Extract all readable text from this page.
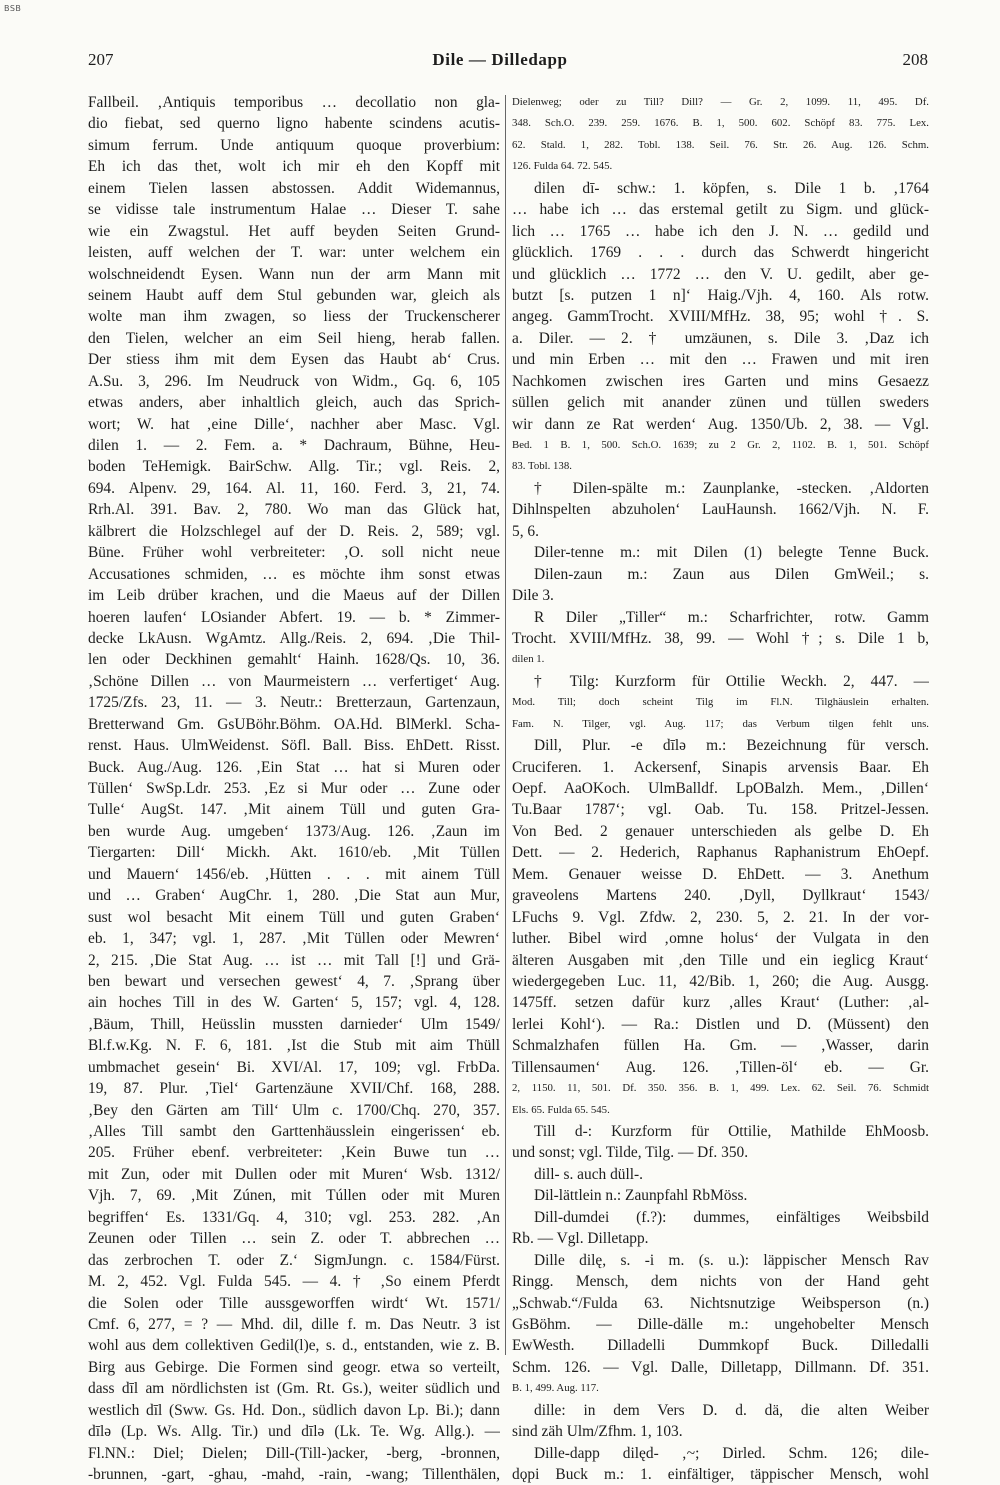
BSB
207	Dile — Dilledapp	208
Fallbeil. ‚Antiquis temporibus … decollatio non gla-
dio fiebat, sed querno ligno habente scindens acutis-
simum ferrum. Unde antiquum quoque proverbium:
Eh ich das thet, wolt ich mir eh den Kopff mit
einem Tielen lassen abstossen. Addit Widemannus,
se vidisse tale instrumentum Halae … Dieser T. sahe
wie ein Zwagstul. Het auff beyden Seiten Grund-
leisten, auff welchen der T. war: unter welchem ein
wolschneidendt Eysen. Wann nun der arm Mann mit
seinem Haubt auff dem Stul gebunden war, gleich als
wolte man ihm zwagen, so liess der Truckenscherer
den Tielen, welcher an eim Seil hieng, herab fallen.
Der stiess ihm mit dem Eysen das Haubt ab‘ Crus.
A.Su. 3, 296. Im Neudruck von Widm., Gq. 6, 105
etwas anders, aber inhaltlich gleich, auch das Sprich-
wort; W. hat ‚eine Dille‘, nachher aber Masc. Vgl.
dilen 1. — 2. Fem. a. * Dachraum, Bühne, Heu-
boden TeHemigk. BairSchw. Allg. Tir.; vgl. Reis. 2,
694. Alpenv. 29, 164. Al. 11, 160. Ferd. 3, 21, 74.
Rrh.Al. 391. Bav. 2, 780. Wo man das Glück hat,
kälbrert die Holzschlegel auf der D. Reis. 2, 589; vgl.
Büne. Früher wohl verbreiteter: ‚O. soll nicht neue
Accusationes schmiden, … es möchte ihm sonst etwas
im Leib drüber krachen, und die Maeus auf der Dillen
hoeren laufen‘ LOsiander Abfert. 19. — b. * Zimmer-
decke LkAusn. WgAmtz. Allg./Reis. 2, 694. ‚Die Thil-
len oder Deckhinen gemahlt‘ Hainh. 1628/Qs. 10, 36.
‚Schöne Dillen … von Maurmeistern … verfertiget‘ Aug.
1725/Zfs. 23, 11. — 3. Neutr.: Bretterzaun, Gartenzaun,
Bretterwand Gm. GsUBöhr.Böhm. OA.Hd. BlMerkl. Scha-
renst. Haus. UlmWeidenst. Söfl. Ball. Biss. EhDett. Risst.
Buck. Aug./Aug. 126. ‚Ein Stat … hat si Muren oder
Tüllen‘ SwSp.Ldr. 253. ‚Ez si Mur oder … Zune oder
Tulle‘ AugSt. 147. ‚Mit ainem Tüll und guten Gra-
ben wurde Aug. umgeben‘ 1373/Aug. 126. ‚Zaun im
Tiergarten: Dill‘ Mickh. Akt. 1610/eb. ‚Mit Tüllen
und Mauern‘ 1456/eb. ‚Hütten . . . mit ainem Tüll
und … Graben‘ AugChr. 1, 280. ‚Die Stat aun Mur,
sust wol besacht Mit einem Tüll und guten Graben‘
eb. 1, 347; vgl. 1, 287. ‚Mit Tüllen oder Mewren‘
2, 215. ‚Die Stat Aug. … ist … mit Tall [!] und Grä-
ben bewart und versechen gewest‘ 4, 7. ‚Sprang über
ain hoches Till in des W. Garten‘ 5, 157; vgl. 4, 128.
‚Bäum, Thill, Heüsslin mussten darnieder‘ Ulm 1549/
Bl.f.w.Kg. N. F. 6, 181. ‚Ist die Stub mit aim Thüll
umbmachet gesein‘ Bi. XVI/Al. 17, 109; vgl. FrbDa.
19, 87. Plur. ‚Tiel‘ Gartenzäune XVII/Chf. 168, 288.
‚Bey den Gärten am Till‘ Ulm c. 1700/Chq. 270, 357.
‚Alles Till sambt den Garttenhäusslein eingerissen‘ eb.
205. Früher ebenf. verbreiteter: ‚Kein Buwe tun …
mit Zun, oder mit Dullen oder mit Muren‘ Wsb. 1312/
Vjh. 7, 69. ‚Mit Zúnen, mit Túllen oder mit Muren
begriffen‘ Es. 1331/Gq. 4, 310; vgl. 253. 282. ‚An
Zeunen oder Tillen … sein Z. oder T. abbrechen …
das zerbrochen T. oder Z.‘ SigmJungn. c. 1584/Fürst.
M. 2, 452. Vgl. Fulda 545. — 4. † ‚So einem Pferdt
die Solen oder Tille aussgeworffen wirdt‘ Wt. 1571/
Cmf. 6, 277, = ? — Mhd. dil, dille f. m. Das Neutr. 3 ist
wohl aus dem collektiven Gedil(l)e, s. d., entstanden, wie z. B.
Birg aus Gebirge. Die Formen sind geogr. etwa so verteilt,
dass dīl am nördlichsten ist (Gm. Rt. Gs.), weiter südlich und
westlich dīl (Sww. Gs. Hd. Don., südlich davon Lp. Bi.); dann
dīlə (Lp. Ws. Allg. Tir.) und dīlə (Lk. Te. Wg. Allg.). —
Fl.NN.: Diel; Dielen; Dill-(Till-)acker, -berg, -bronnen,
-brunnen, -gart, -ghau, -mahd, -rain, -wang; Tillenthälen,
Dielenweg; oder zu Till? Dill? — Gr. 2, 1099. 11, 495. Df.
348. Sch.O. 239. 259. 1676. B. 1, 500. 602. Schöpf 83. 775. Lex.
62. Stald. 1, 282. Tobl. 138. Seil. 76. Str. 26. Aug. 126. Schm.
126. Fulda 64. 72. 545.
dilen dī- schw.: 1. köpfen, s. Dile 1 b. ‚1764
… habe ich … das erstemal getilt zu Sigm. und glück-
lich … 1765 … habe ich den J. N. … gedild und
glücklich. 1769 . . . durch das Schwerdt hingericht
und glücklich … 1772 … den V. U. gedilt, aber ge-
butzt [s. putzen 1 n]‘ Haig./Vjh. 4, 160. Als rotw.
angeg. GammTrocht. XVIII/MfHz. 38, 95; wohl †. S.
a. Diler. — 2. † umzäunen, s. Dile 3. ‚Daz ich
und min Erben … mit den … Frawen und mit iren
Nachkomen zwischen ires Garten und mins Gesaezz
süllen gelich mit anander zünen und tüllen sweders
wir dann ze Rat werden‘ Aug. 1350/Ub. 2, 38. — Vgl.
Bed. 1 B. 1, 500. Sch.O. 1639; zu 2 Gr. 2, 1102. B. 1, 501. Schöpf
83. Tobl. 138.
† Dilen-spälte m.: Zaunplanke, -stecken. ‚Aldorten
Dihlnspelten abzuholen‘ LauHaunsh. 1662/Vjh. N. F.
5, 6.
Diler-tenne m.: mit Dilen (1) belegte Tenne Buck.
Dilen-zaun m.: Zaun aus Dilen GmWeil.; s.
Dile 3.
R Diler „Tiller“ m.: Scharfrichter, rotw. Gamm
Trocht. XVIII/MfHz. 38, 99. — Wohl †; s. Dile 1 b,
dilen 1.
† Tilg: Kurzform für Ottilie Weckh. 2, 447. —
Mod. Till; doch scheint Tilg im Fl.N. Tilghäuslein erhalten.
Fam. N. Tilger, vgl. Aug. 117; das Verbum tilgen fehlt uns.
Dill, Plur. -e dīlə m.: Bezeichnung für versch.
Cruciferen. 1. Ackersenf, Sinapis arvensis Baar. Eh
Oepf. AaOKoch. UlmBalldf. LpOBalzh. Mem., ‚Dillen‘
Tu.Baar 1787‘; vgl. Oab. Tu. 158. Pritzel-Jessen.
Von Bed. 2 genauer unterschieden als gelbe D. Eh
Dett. — 2. Hederich, Raphanus Raphanistrum EhOepf.
Mem. Genauer weisse D. EhDett. — 3. Anethum
graveolens Martens 240. ‚Dyll, Dyllkraut‘ 1543/
LFuchs 9. Vgl. Zfdw. 2, 230. 5, 2. 21. In der vor-
luther. Bibel wird ‚omne holus‘ der Vulgata in den
älteren Ausgaben mit ‚den Tille und ein ieglicg Kraut‘
wiedergegeben Luc. 11, 42/Bib. 1, 260; die Aug. Ausgg.
1475ff. setzen dafür kurz ‚alles Kraut‘ (Luther: ‚al-
lerlei Kohl‘). — Ra.: Distlen und D. (Müssent) den
Schmalzhafen füllen Ha. Gm. — ‚Wasser, darin
Tillensaumen‘ Aug. 126. ‚Tillen-öl‘ eb. — Gr.
2, 1150. 11, 501. Df. 350. 356. B. 1, 499. Lex. 62. Seil. 76. Schmidt
Els. 65. Fulda 65. 545.
Till d-: Kurzform für Ottilie, Mathilde EhMoosb.
und sonst; vgl. Tilde, Tilg. — Df. 350.
dill- s. auch düll-.
Dil-lättlein n.: Zaunpfahl RbMöss.
Dill-dumdei (f.?): dummes, einfältiges Weibsbild
Rb. — Vgl. Dilletapp.
Dille dilę, s. -i m. (s. u.): läppischer Mensch Rav
Ringg. Mensch, dem nichts von der Hand geht
„Schwab.“/Fulda 63. Nichtsnutzige Weibsperson (n.)
GsBöhm. — Dille-dälle m.: ungehobelter Mensch
EwWesth. Dilladelli Dummkopf Buck. Dilledalli
Schm. 126. — Vgl. Dalle, Dilletapp, Dillmann. Df. 351.
B. 1, 499. Aug. 117.
dille: in dem Vers D. d. dä, die alten Weiber
sind zäh Ulm/Zfhm. 1, 103.
Dille-dapp dilęd- ‚~; Dirled. Schm. 126; dile-
dǫpi Buck m.: 1. einfältiger, täppischer Mensch, wohl
